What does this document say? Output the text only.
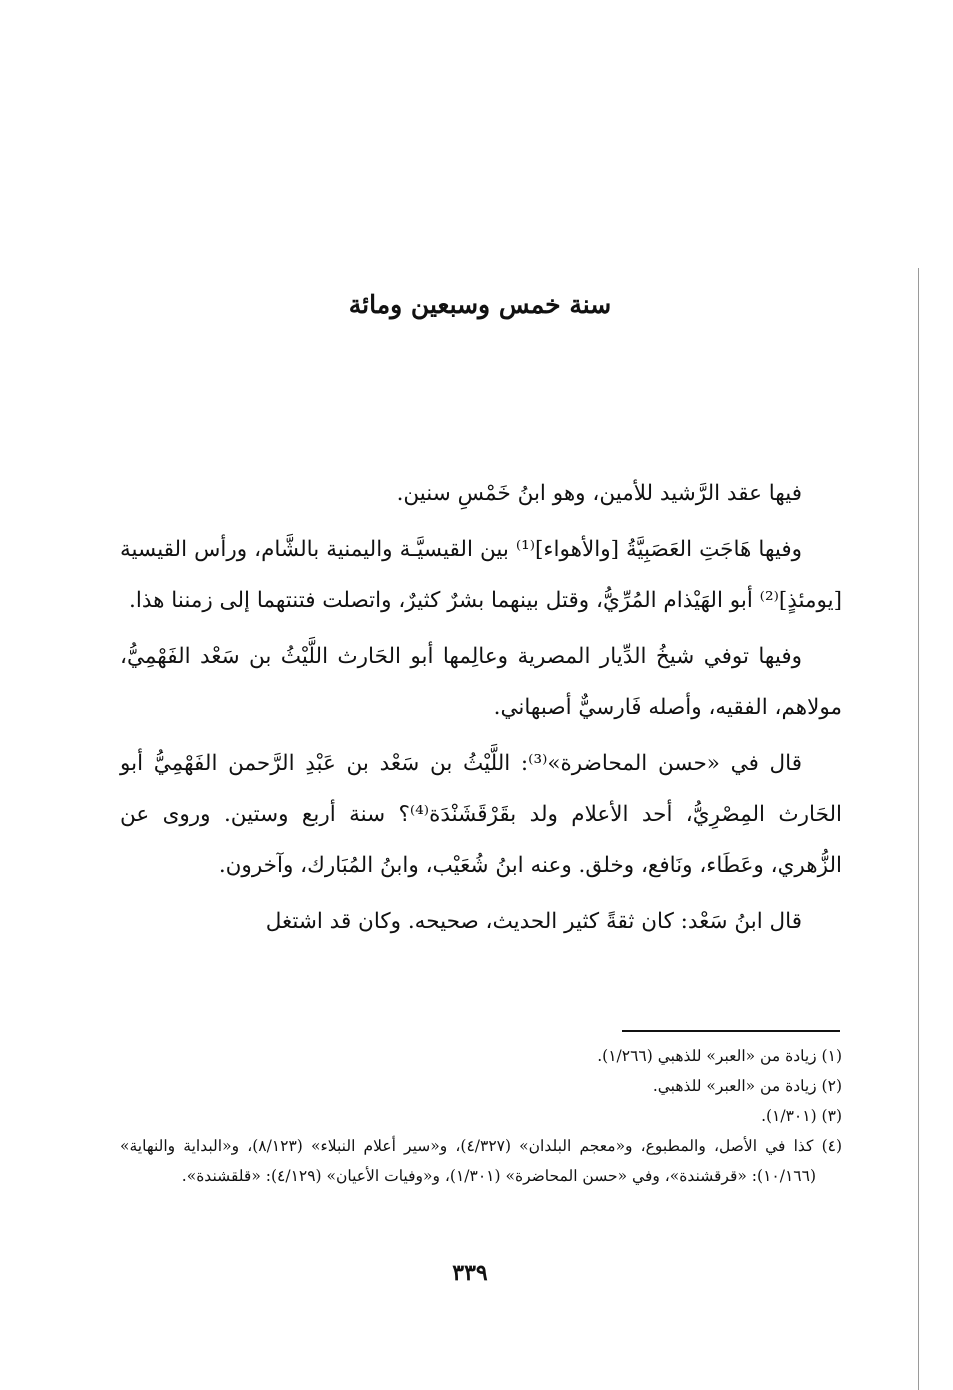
سنة خمس وسبعين ومائة

فيها عقد الرَّشيد للأمين، وهو ابنُ خَمْسِ سنين.

وفيها هَاجَتِ العَصَبِيَّةُ [والأهواء]⁽¹⁾ بين القيسيَّـة واليمنية بالشَّام، ورأس القيسية [يومئذٍ]⁽²⁾ أبو الهَيْذام المُرِّيُّ، وقتل بينهما بشرٌ كثيرٌ، واتصلت فتنتهما إلى زمننا هذا.

وفيها توفي شيخُ الدِّيار المصرية وعالِمها أبو الحَارث اللَّيْثُ بن سَعْد الفَهْمِيُّ، مولاهم، الفقيه، وأصله فَارسيٌّ أصبهاني.

قال في «حسن المحاضرة»⁽³⁾: اللَّيْثُ بن سَعْد بن عَبْدِ الرَّحمن الفَهْمِيُّ أبو الحَارث المِصْرِيُّ، أحد الأعلام ولد بقَرْقَشَنْدَة⁽⁴⁾؟ سنة أربع وستين. وروى عن الزُّهري، وعَطَاء، ونَافع، وخلق. وعنه ابنُ شُعَيْب، وابنُ المُبَارك، وآخرون.

قال ابنُ سَعْد: كان ثقةً كثير الحديث، صحيحه. وكان قد اشتغل

(١) زيادة من «العبر» للذهبي (١/٢٦٦).

(٢) زيادة من «العبر» للذهبي.

(٣) (١/٣٠١).

(٤) كذا في الأصل، والمطبوع، و«معجم البلدان» (٤/٣٢٧)، و«سير أعلام النبلاء» (٨/١٢٣)، و«البداية والنهاية» (١٠/١٦٦): «قرقشندة»، وفي «حسن المحاضرة» (١/٣٠١)، و«وفيات الأعيان» (٤/١٢٩): «قلقشندة».

٣٣٩
